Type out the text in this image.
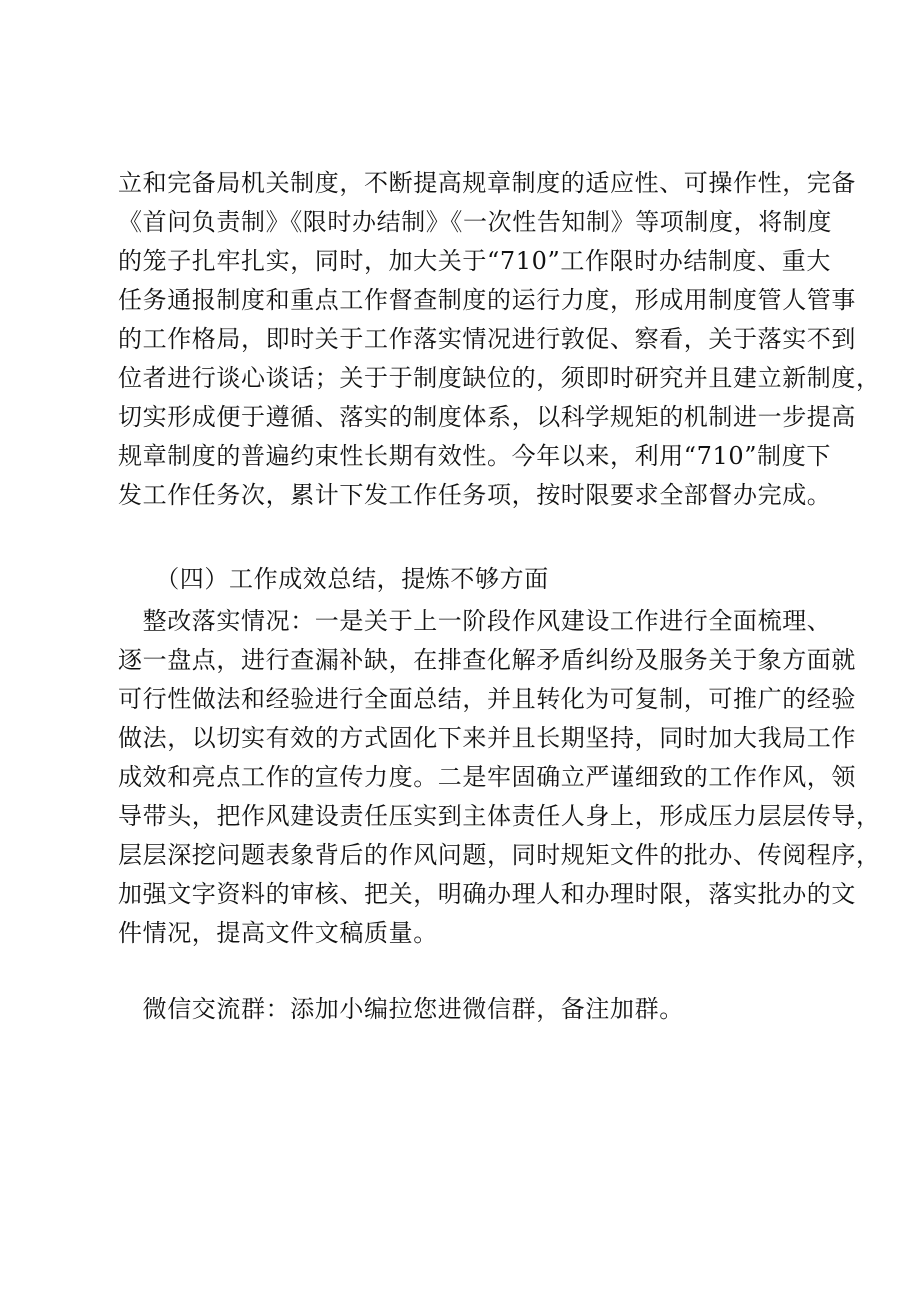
立和完备局机关制度，不断提高规章制度的适应性、可操作性，完备
《首问负责制》《限时办结制》《一次性告知制》等项制度，将制度
的笼子扎牢扎实，同时，加大关于“710”工作限时办结制度、重大
任务通报制度和重点工作督查制度的运行力度，形成用制度管人管事
的工作格局，即时关于工作落实情况进行敦促、察看，关于落实不到
位者进行谈心谈话；关于于制度缺位的，须即时研究并且建立新制度，
切实形成便于遵循、落实的制度体系，以科学规矩的机制进一步提高
规章制度的普遍约束性长期有效性。今年以来，利用“710”制度下
发工作任务次，累计下发工作任务项，按时限要求全部督办完成。
　　（四）工作成效总结，提炼不够方面
　整改落实情况：一是关于上一阶段作风建设工作进行全面梳理、
逐一盘点，进行查漏补缺，在排查化解矛盾纠纷及服务关于象方面就
可行性做法和经验进行全面总结，并且转化为可复制，可推广的经验
做法，以切实有效的方式固化下来并且长期坚持，同时加大我局工作
成效和亮点工作的宣传力度。二是牢固确立严谨细致的工作作风，领
导带头，把作风建设责任压实到主体责任人身上，形成压力层层传导，
层层深挖问题表象背后的作风问题，同时规矩文件的批办、传阅程序，
加强文字资料的审核、把关，明确办理人和办理时限，落实批办的文
件情况，提高文件文稿质量。
　微信交流群：添加小编拉您进微信群，备注加群。
